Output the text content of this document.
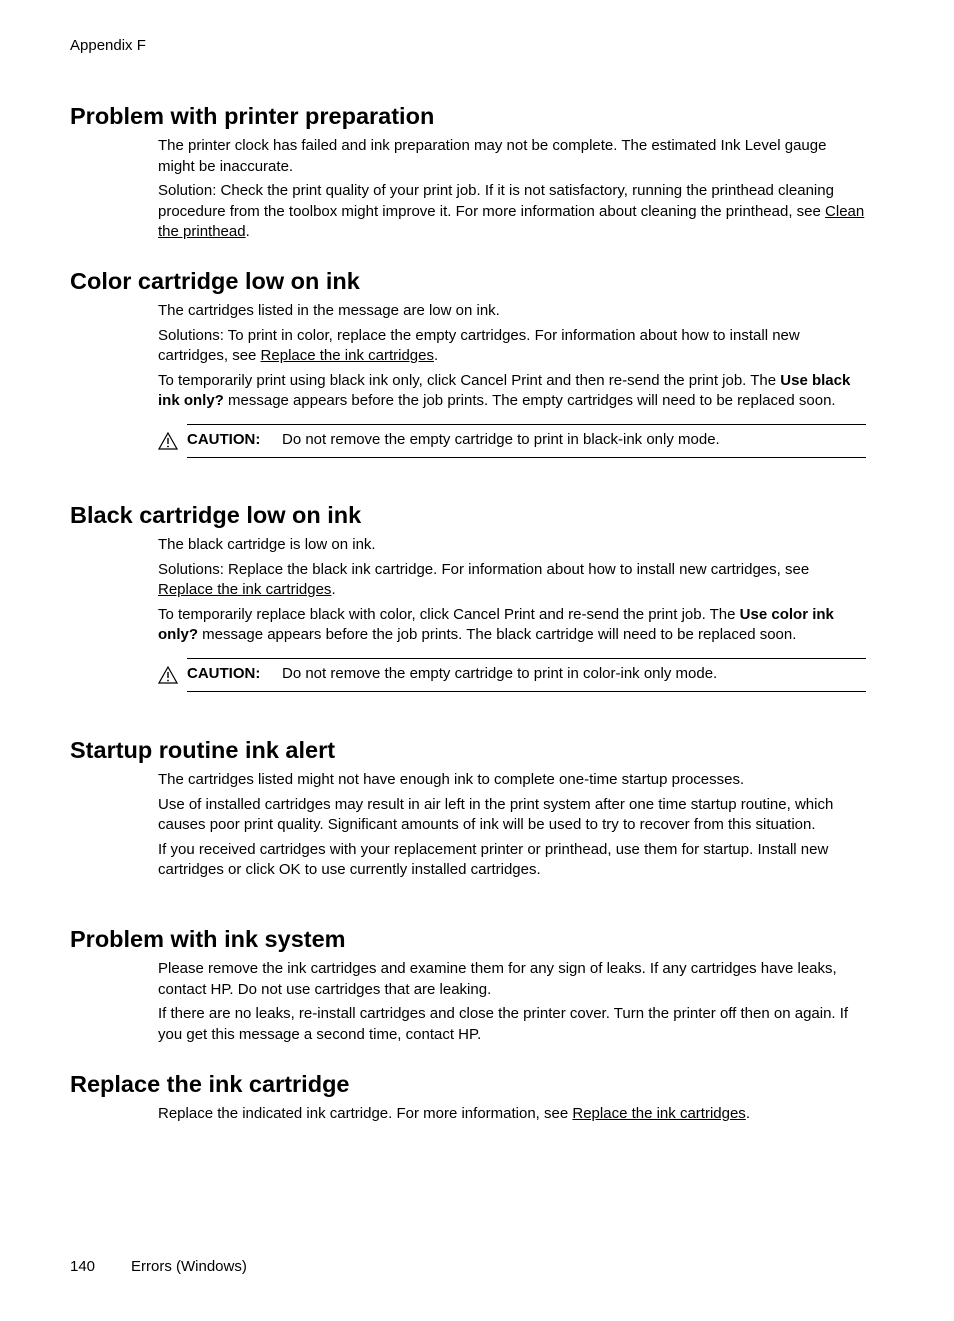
Appendix F
Problem with printer preparation

The printer clock has failed and ink preparation may not be complete. The estimated Ink Level gauge might be inaccurate.

Solution: Check the print quality of your print job. If it is not satisfactory, running the printhead cleaning procedure from the toolbox might improve it. For more information about cleaning the printhead, see Clean the printhead.

Color cartridge low on ink

The cartridges listed in the message are low on ink.

Solutions: To print in color, replace the empty cartridges. For information about how to install new cartridges, see Replace the ink cartridges.

To temporarily print using black ink only, click Cancel Print and then re-send the print job. The Use black ink only? message appears before the job prints. The empty cartridges will need to be replaced soon.

CAUTION: Do not remove the empty cartridge to print in black-ink only mode.
Black cartridge low on ink

The black cartridge is low on ink.

Solutions: Replace the black ink cartridge. For information about how to install new cartridges, see Replace the ink cartridges.

To temporarily replace black with color, click Cancel Print and re-send the print job. The Use color ink only? message appears before the job prints. The black cartridge will need to be replaced soon.

CAUTION: Do not remove the empty cartridge to print in color-ink only mode.
Startup routine ink alert

The cartridges listed might not have enough ink to complete one-time startup processes.

Use of installed cartridges may result in air left in the print system after one time startup routine, which causes poor print quality. Significant amounts of ink will be used to try to recover from this situation.

If you received cartridges with your replacement printer or printhead, use them for startup. Install new cartridges or click OK to use currently installed cartridges.

Problem with ink system

Please remove the ink cartridges and examine them for any sign of leaks. If any cartridges have leaks, contact HP. Do not use cartridges that are leaking.

If there are no leaks, re-install cartridges and close the printer cover. Turn the printer off then on again. If you get this message a second time, contact HP.

Replace the ink cartridge

Replace the indicated ink cartridge. For more information, see Replace the ink cartridges.

140 Errors (Windows)
